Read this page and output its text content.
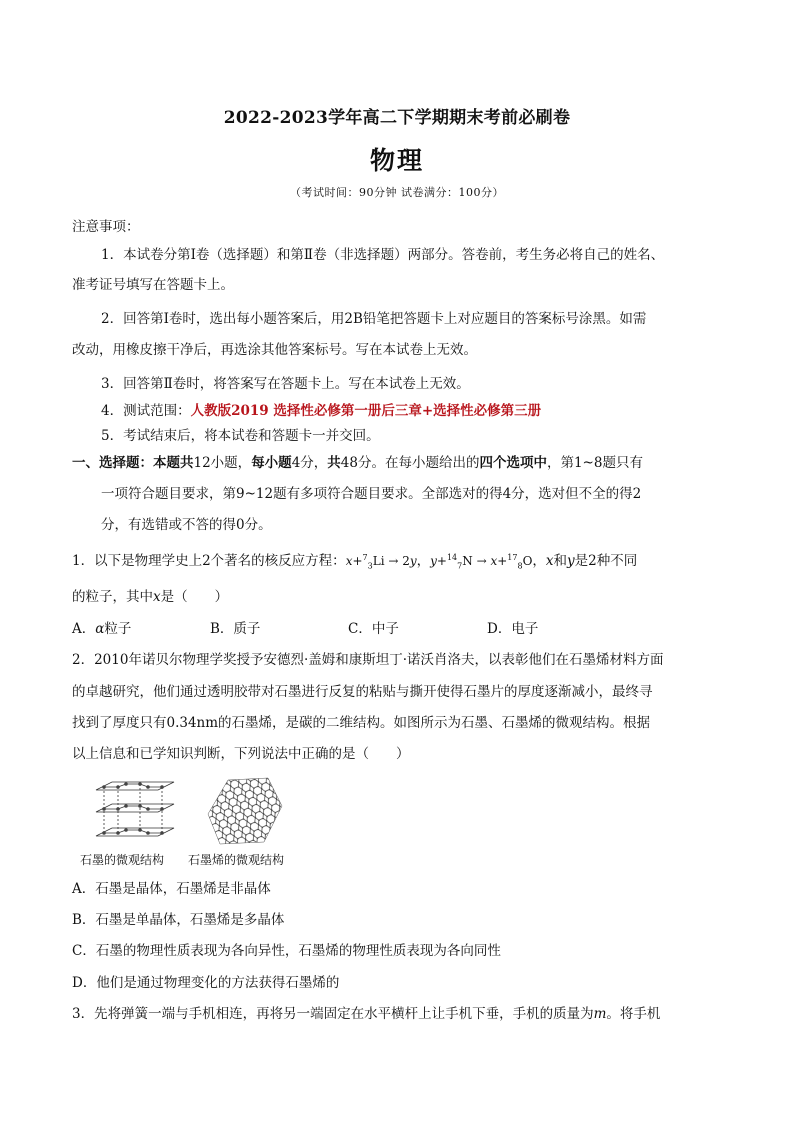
2022-2023学年高二下学期期末考前必刷卷
物理
（考试时间：90分钟 试卷满分：100分）
注意事项：
1．本试卷分第Ⅰ卷（选择题）和第Ⅱ卷（非选择题）两部分。答卷前，考生务必将自己的姓名、
准考证号填写在答题卡上。
2．回答第Ⅰ卷时，选出每小题答案后，用2B铅笔把答题卡上对应题目的答案标号涂黑。如需
改动，用橡皮擦干净后，再选涂其他答案标号。写在本试卷上无效。
3．回答第Ⅱ卷时，将答案写在答题卡上。写在本试卷上无效。
4．测试范围：人教版2019 选择性必修第一册后三章+选择性必修第三册
5．考试结束后，将本试卷和答题卡一并交回。
一、选择题：本题共12小题，每小题4分，共48分。在每小题给出的四个选项中，第1~8题只有
一项符合题目要求，第9~12题有多项符合题目要求。全部选对的得4分，选对但不全的得2
分，有选错或不答的得0分。
1．以下是物理学史上2个著名的核反应方程：x+$^7_3$Li → 2y，y+$^{14}_7$N → x+$^{17}_8$O，x和y是2种不同
的粒子，其中x是（　　）
A．α粒子	B．质子	C．中子	D．电子
2．2010年诺贝尔物理学奖授予安德烈·盖姆和康斯坦丁·诺沃肖洛夫，以表彰他们在石墨烯材料方面
的卓越研究，他们通过透明胶带对石墨进行反复的粘贴与撕开使得石墨片的厚度逐渐减小，最终寻
找到了厚度只有0.34nm的石墨烯，是碳的二维结构。如图所示为石墨、石墨烯的微观结构。根据
以上信息和已学知识判断，下列说法中正确的是（　　）
石墨的微观结构 石墨烯的微观结构
A．石墨是晶体，石墨烯是非晶体
B．石墨是单晶体，石墨烯是多晶体
C．石墨的物理性质表现为各向异性，石墨烯的物理性质表现为各向同性
D．他们是通过物理变化的方法获得石墨烯的
3．先将弹簧一端与手机相连，再将另一端固定在水平横杆上让手机下垂，手机的质量为m。将手机
